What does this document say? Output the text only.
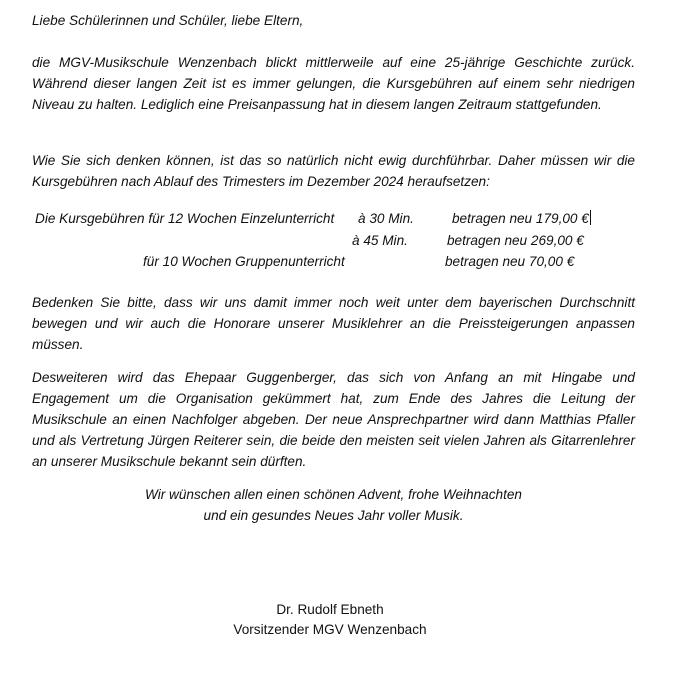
Liebe Schülerinnen und Schüler, liebe Eltern,

die MGV-Musikschule Wenzenbach blickt mittlerweile auf eine 25-jährige Geschichte zurück. Während dieser langen Zeit ist es immer gelungen, die Kursgebühren auf einem sehr niedrigen Niveau zu halten. Lediglich eine Preisanpassung hat in diesem langen Zeitraum stattgefunden.

Wie Sie sich denken können, ist das so natürlich nicht ewig durchführbar. Daher müssen wir die Kursgebühren nach Ablauf des Trimesters im Dezember 2024 heraufsetzen:

Die Kursgebühren für 12 Wochen Einzelunterricht à 30 Min.	betragen neu 179,00 €
à 45 Min.	betragen neu 269,00 €
für 10 Wochen Gruppenunterricht	betragen neu 70,00 €

Bedenken Sie bitte, dass wir uns damit immer noch weit unter dem bayerischen Durchschnitt bewegen und wir auch die Honorare unserer Musiklehrer an die Preissteigerungen anpassen müssen.

Desweiteren wird das Ehepaar Guggenberger, das sich von Anfang an mit Hingabe und Engagement um die Organisation gekümmert hat, zum Ende des Jahres die Leitung der Musikschule an einen Nachfolger abgeben. Der neue Ansprechpartner wird dann Matthias Pfaller und als Vertretung Jürgen Reiterer sein, die beide den meisten seit vielen Jahren als Gitarrenlehrer an unserer Musikschule bekannt sein dürften.

Wir wünschen allen einen schönen Advent, frohe Weihnachten
und ein gesundes Neues Jahr voller Musik.
Dr. Rudolf Ebneth
Vorsitzender MGV Wenzenbach
